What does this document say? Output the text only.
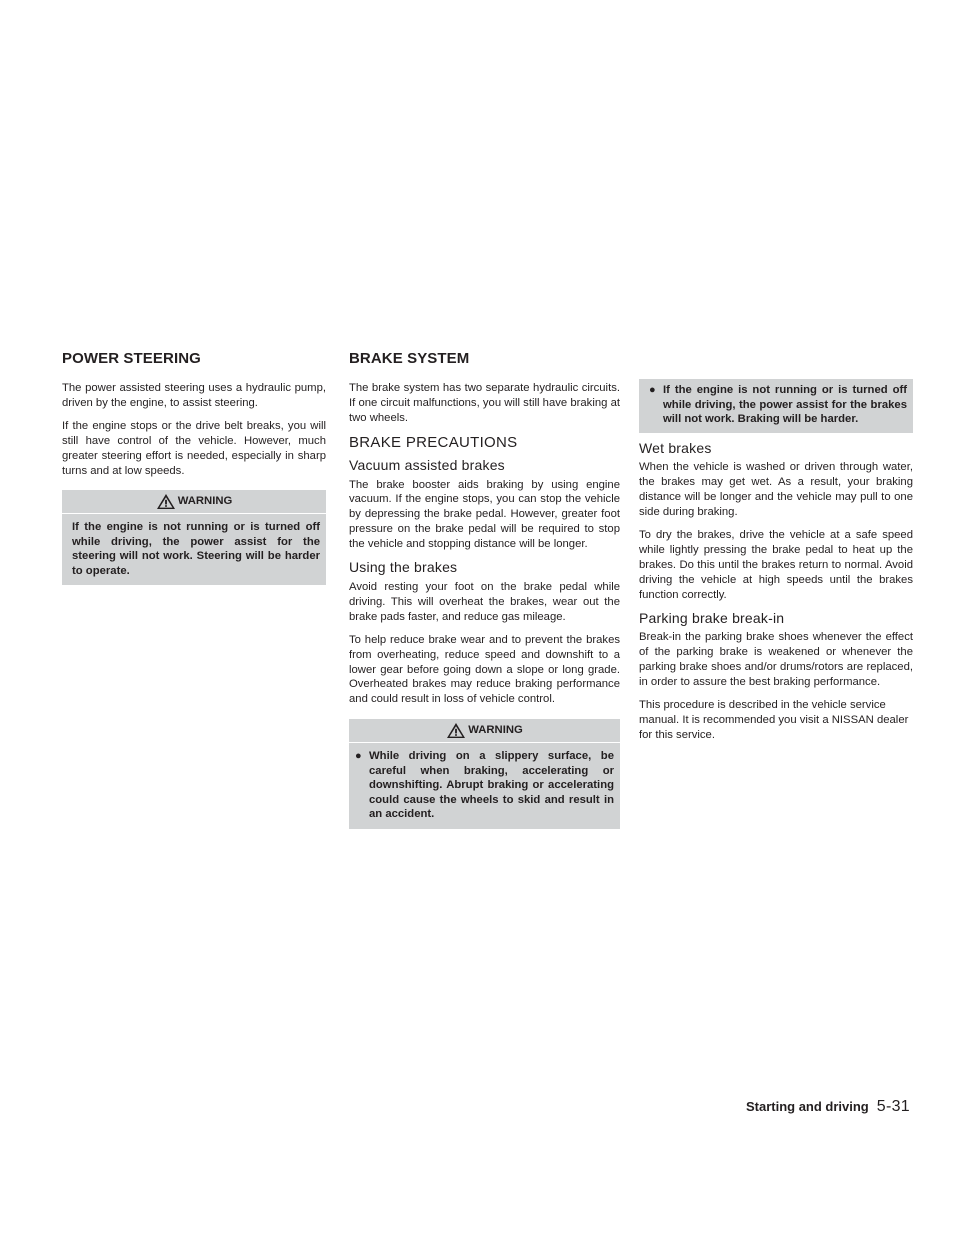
POWER STEERING	BRAKE SYSTEM

The power assisted steering uses a hydraulic pump, driven by the engine, to assist steering.

If the engine stops or the drive belt breaks, you will still have control of the vehicle. However, much greater steering effort is needed, especially in sharp turns and at low speeds.

WARNING
If the engine is not running or is turned off while driving, the power assist for the steering will not work. Steering will be harder to operate.

The brake system has two separate hydraulic circuits. If one circuit malfunctions, you will still have braking at two wheels.

BRAKE PRECAUTIONS
Vacuum assisted brakes

The brake booster aids braking by using engine vacuum. If the engine stops, you can stop the vehicle by depressing the brake pedal. However, greater foot pressure on the brake pedal will be required to stop the vehicle and stopping distance will be longer.

Using the brakes

Avoid resting your foot on the brake pedal while driving. This will overheat the brakes, wear out the brake pads faster, and reduce gas mileage.

To help reduce brake wear and to prevent the brakes from overheating, reduce speed and downshift to a lower gear before going down a slope or long grade. Overheated brakes may reduce braking performance and could result in loss of vehicle control.

WARNING
● While driving on a slippery surface, be careful when braking, accelerating or downshifting. Abrupt braking or accelerating could cause the wheels to skid and result in an accident.
● If the engine is not running or is turned off while driving, the power assist for the brakes will not work. Braking will be harder.
Wet brakes

When the vehicle is washed or driven through water, the brakes may get wet. As a result, your braking distance will be longer and the vehicle may pull to one side during braking.

To dry the brakes, drive the vehicle at a safe speed while lightly pressing the brake pedal to heat up the brakes. Do this until the brakes return to normal. Avoid driving the vehicle at high speeds until the brakes function correctly.

Parking brake break-in

Break-in the parking brake shoes whenever the effect of the parking brake is weakened or whenever the parking brake shoes and/or drums/rotors are replaced, in order to assure the best braking performance.

This procedure is described in the vehicle service manual. It is recommended you visit a NISSAN dealer for this service.

Starting and driving 5-31
